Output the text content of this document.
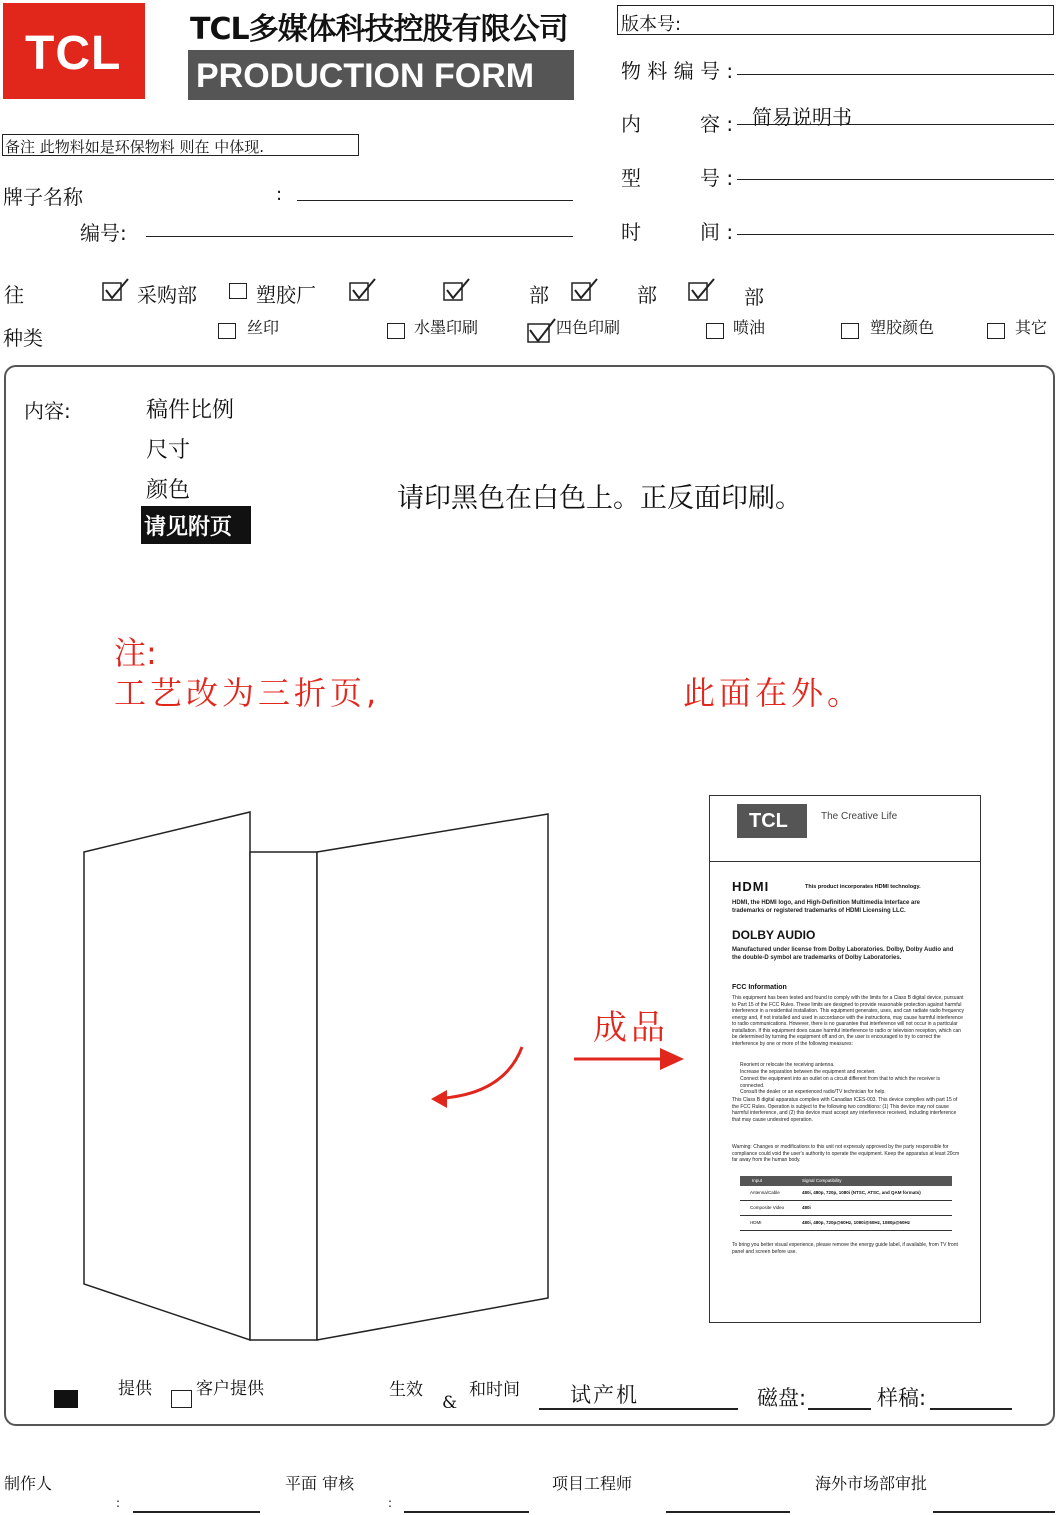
TCL TCL多媒体科技控股有限公司
PRODUCTION FORM
备注 此物料如是环保物料 则在 中体现.
牌子名称	:
编号:
版本号:
物 料 编 号 :
内	容 : 简易说明书
型	号 :
时	间 :
往	采购部	塑胶厂	部	部	部
种类	丝印	水墨印刷	四色印刷	喷油	塑胶颜色	其它
内容:	稿件比例
尺寸
颜色
请见附页
请印黑色在白色上。正反面印刷。
注:
工艺改为三折页,	此面在外。
成品
TCL	The Creative Life
HDMI	This product incorporates HDMI technology.
HDMI, the HDMI logo, and High-Definition Multimedia Interface are trademarks or registered trademarks of HDMI Licensing LLC.
DOLBY AUDIO
Manufactured under license from Dolby Laboratories. Dolby, Dolby Audio and the double-D symbol are trademarks of Dolby Laboratories.
FCC Information
This equipment has been tested and found to comply with the limits for a Class B digital device, pursuant to Part 15 of the FCC Rules. These limits are designed to provide reasonable protection against harmful interference in a residential installation. This equipment generates, uses, and can radiate radio frequency energy and, if not installed and used in accordance with the instructions, may cause harmful interference to radio communications. However, there is no guarantee that interference will not occur in a particular installation. If this equipment does cause harmful interference to radio or television reception, which can be determined by turning the equipment off and on, the user is encouraged to try to correct the interference by one or more of the following measures:
Reorient or relocate the receiving antenna.
Increase the separation between the equipment and receiver.
Connect the equipment into an outlet on a circuit different from that to which the receiver is connected.
Consult the dealer or an experienced radio/TV technician for help.
This Class B digital apparatus complies with Canadian ICES-003. This device complies with part 15 of the FCC Rules. Operation is subject to the following two conditions: (1) This device may not cause harmful interference, and (2) this device must accept any interference received, including interference that may cause undesired operation.
Warning: Changes or modifications to this unit not expressly approved by the party responsible for compliance could void the user's authority to operate the equipment. Keep the apparatus at least 20cm far away from the human body.
Input	Signal Compatibility
Antenna/Cable	480i, 480p, 720p, 1080i (NTSC, ATSC, and QAM formats)
Composite Video	480i
HDMI	480i, 480p, 720p@60Hz, 1080i@60Hz, 1080p@60Hz
To bring you better visual experience, please remove the energy guide label, if available, from TV front panel and screen before use.
提供	客户提供	生效
&
和时间 试产机	磁盘:	样稿:
制作人
:
平面 审核
:
项目工程师	海外市场部审批
